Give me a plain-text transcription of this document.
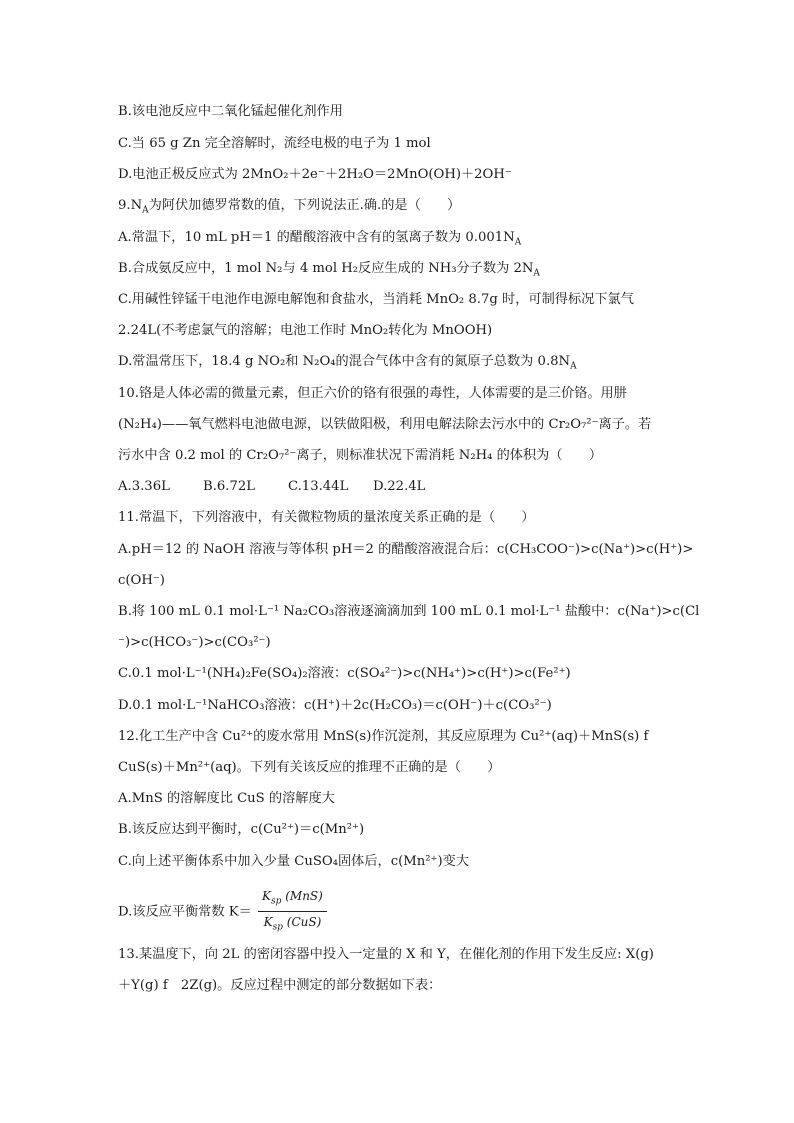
B.该电池反应中二氧化锰起催化剂作用
C.当 65 g Zn 完全溶解时，流经电极的电子为 1 mol
D.电池正极反应式为 2MnO₂＋2e⁻＋2H₂O＝2MnO(OH)＋2OH⁻
$9.N_A$为阿伏加德罗常数的值，下列说法正.确.的是（　　）
A.常温下，10 mL pH＝1 的醋酸溶液中含有的氢离子数为 $0.001N_A$
B.合成氨反应中，1 mol N₂与 4 mol H₂反应生成的 NH₃分子数为 $2N_A$
C.用碱性锌锰干电池作电源电解饱和食盐水，当消耗 MnO₂ 8.7g 时，可制得标况下氯气
2.24L(不考虑氯气的溶解；电池工作时 MnO₂转化为 MnOOH)
D.常温常压下，18.4 g NO₂和 N₂O₄的混合气体中含有的氮原子总数为 $0.8N_A$
10.铬是人体必需的微量元素，但正六价的铬有很强的毒性，人体需要的是三价铬。用肼
(N₂H₄)——氧气燃料电池做电源，以铁做阳极，利用电解法除去污水中的 Cr₂O₇²⁻离子。若
污水中含 0.2 mol 的 Cr₂O₇²⁻离子，则标准状况下需消耗 N₂H₄ 的体积为（　　）
A.3.36L	B.6.72L C.13.44L D.22.4L
11.常温下，下列溶液中，有关微粒物质的量浓度关系正确的是（　　）
A.pH＝12 的 NaOH 溶液与等体积 pH＝2 的醋酸溶液混合后：c(CH₃COO⁻)>c(Na⁺)>c(H⁺)>
c(OH⁻)
B.将 100 mL 0.1 mol·L⁻¹ Na₂CO₃溶液逐滴滴加到 100 mL 0.1 mol·L⁻¹ 盐酸中：c(Na⁺)>c(Cl
⁻)>c(HCO₃⁻)>c(CO₃²⁻)
C.0.1 mol·L⁻¹(NH₄)₂Fe(SO₄)₂溶液：c(SO₄²⁻)>c(NH₄⁺)>c(H⁺)>c(Fe²⁺)
D.0.1 mol·L⁻¹NaHCO₃溶液：c(H⁺)＋2c(H₂CO₃)＝c(OH⁻)＋c(CO₃²⁻)
12.化工生产中含 Cu²⁺的废水常用 MnS(s)作沉淀剂，其反应原理为 Cu²⁺(aq)＋MnS(s) f
CuS(s)＋Mn²⁺(aq)。下列有关该反应的推理不正确的是（　　）
A.MnS 的溶解度比 CuS 的溶解度大
B.该反应达到平衡时，c(Cu²⁺)＝c(Mn²⁺)
C.向上述平衡体系中加入少量 CuSO₄固体后，c(Mn²⁺)变大
D.该反应平衡常数 $K= \frac{K_{sp} (MnS)}{K_{sp} (CuS)}$
13.某温度下，向 2L 的密闭容器中投入一定量的 X 和 Y，在催化剂的作用下发生反应: X(g)
＋Y(g) f　2Z(g)。反应过程中测定的部分数据如下表：
